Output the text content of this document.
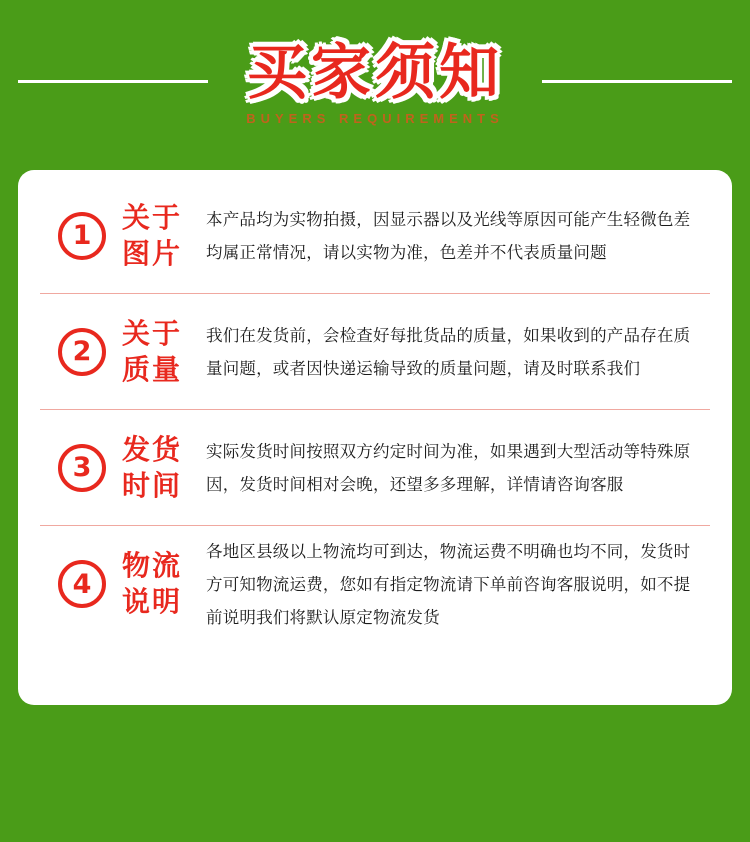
买家须知
BUYERS REQUIREMENTS
1
关于
图片
本产品均为实物拍摄，因显示器以及光线等原因可能产生轻微色差均属正常情况，请以实物为准，色差并不代表质量问题
2
关于
质量
我们在发货前，会检查好每批货品的质量，如果收到的产品存在质量问题，或者因快递运输导致的质量问题，请及时联系我们
3
发货
时间
实际发货时间按照双方约定时间为准，如果遇到大型活动等特殊原因，发货时间相对会晚，还望多多理解，详情请咨询客服
4
物流
说明
各地区县级以上物流均可到达，物流运费不明确也均不同，发货时方可知物流运费，您如有指定物流请下单前咨询客服说明，如不提前说明我们将默认原定物流发货
